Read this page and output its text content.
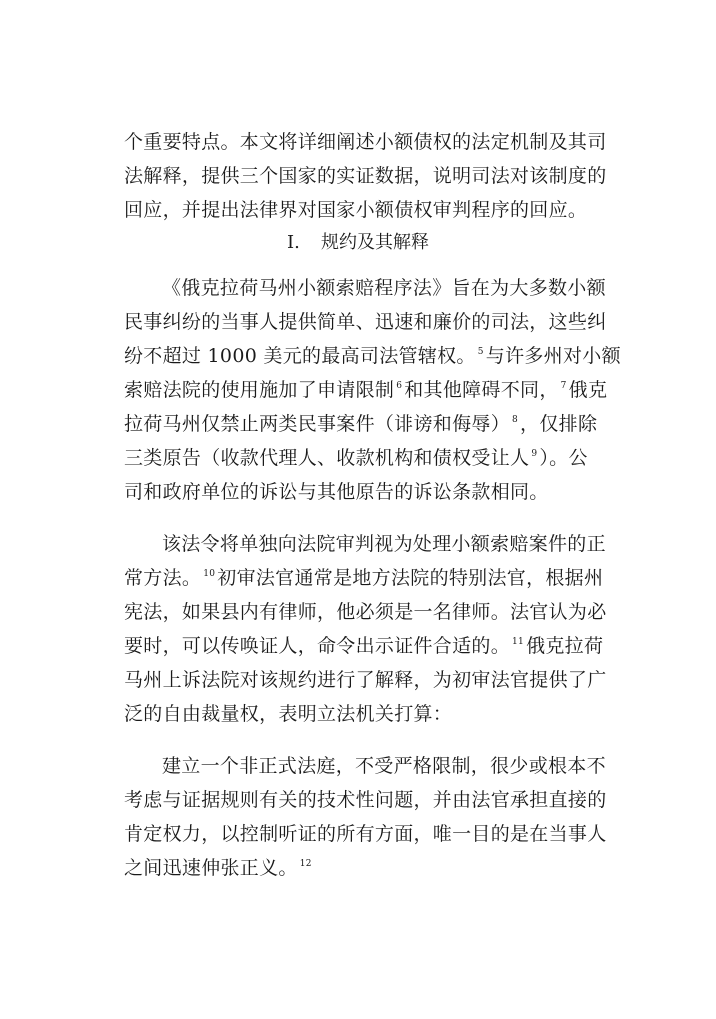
个重要特点。本文将详细阐述小额债权的法定机制及其司
法解释，提供三个国家的实证数据，说明司法对该制度的
回应，并提出法律界对国家小额债权审判程序的回应。
I. 规约及其解释
《俄克拉荷马州小额索赔程序法》旨在为大多数小额
民事纠纷的当事人提供简单、迅速和廉价的司法，这些纠
纷不超过 1000 美元的最高司法管辖权。 $^5$ 与许多州对小额
索赔法院的使用施加了申请限制 $^6$ 和其他障碍不同， $^7$ 俄克
拉荷马州仅禁止两类民事案件（诽谤和侮辱） $^8$ ，仅排除
三类原告（收款代理人、收款机构和债权受让人 $^9$ ）。公
司和政府单位的诉讼与其他原告的诉讼条款相同。
该法令将单独向法院审判视为处理小额索赔案件的正
常方法。 $^{10}$ 初审法官通常是地方法院的特别法官，根据州
宪法，如果县内有律师，他必须是一名律师。法官认为必
要时，可以传唤证人，命令出示证件合适的。 $^{11}$ 俄克拉荷
马州上诉法院对该规约进行了解释，为初审法官提供了广
泛的自由裁量权，表明立法机关打算：
建立一个非正式法庭，不受严格限制，很少或根本不
考虑与证据规则有关的技术性问题，并由法官承担直接的
肯定权力，以控制听证的所有方面，唯一目的是在当事人
之间迅速伸张正义。 $^{12}$
